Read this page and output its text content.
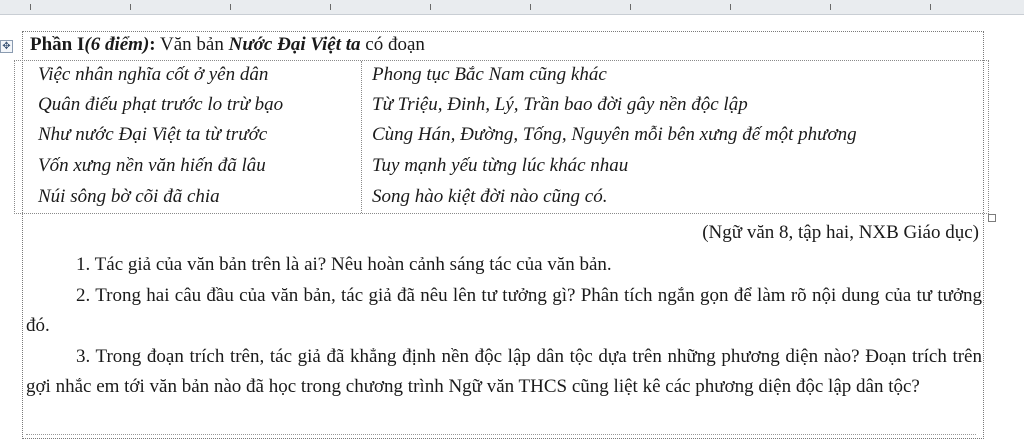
✥ Phần I(6 điểm): Văn bản Nước Đại Việt ta có đoạn
Việc nhân nghĩa cốt ở yên dân
Quân điếu phạt trước lo trừ bạo
Như nước Đại Việt ta từ trước
Vốn xưng nền văn hiến đã lâu
Núi sông bờ cõi đã chia
Phong tục Bắc Nam cũng khác
Từ Triệu, Đinh, Lý, Trần bao đời gây nền độc lập
Cùng Hán, Đường, Tống, Nguyên mỗi bên xưng đế một phương
Tuy mạnh yếu từng lúc khác nhau
Song hào kiệt đời nào cũng có.
(Ngữ văn 8, tập hai, NXB Giáo dục)
1. Tác giả của văn bản trên là ai? Nêu hoàn cảnh sáng tác của văn bản.
2. Trong hai câu đầu của văn bản, tác giả đã nêu lên tư tưởng gì? Phân tích ngắn gọn để làm rõ nội dung của tư tưởng đó.
3. Trong đoạn trích trên, tác giả đã khẳng định nền độc lập dân tộc dựa trên những phương diện nào? Đoạn trích trên gợi nhắc em tới văn bản nào đã học trong chương trình Ngữ văn THCS cũng liệt kê các phương diện độc lập dân tộc?
